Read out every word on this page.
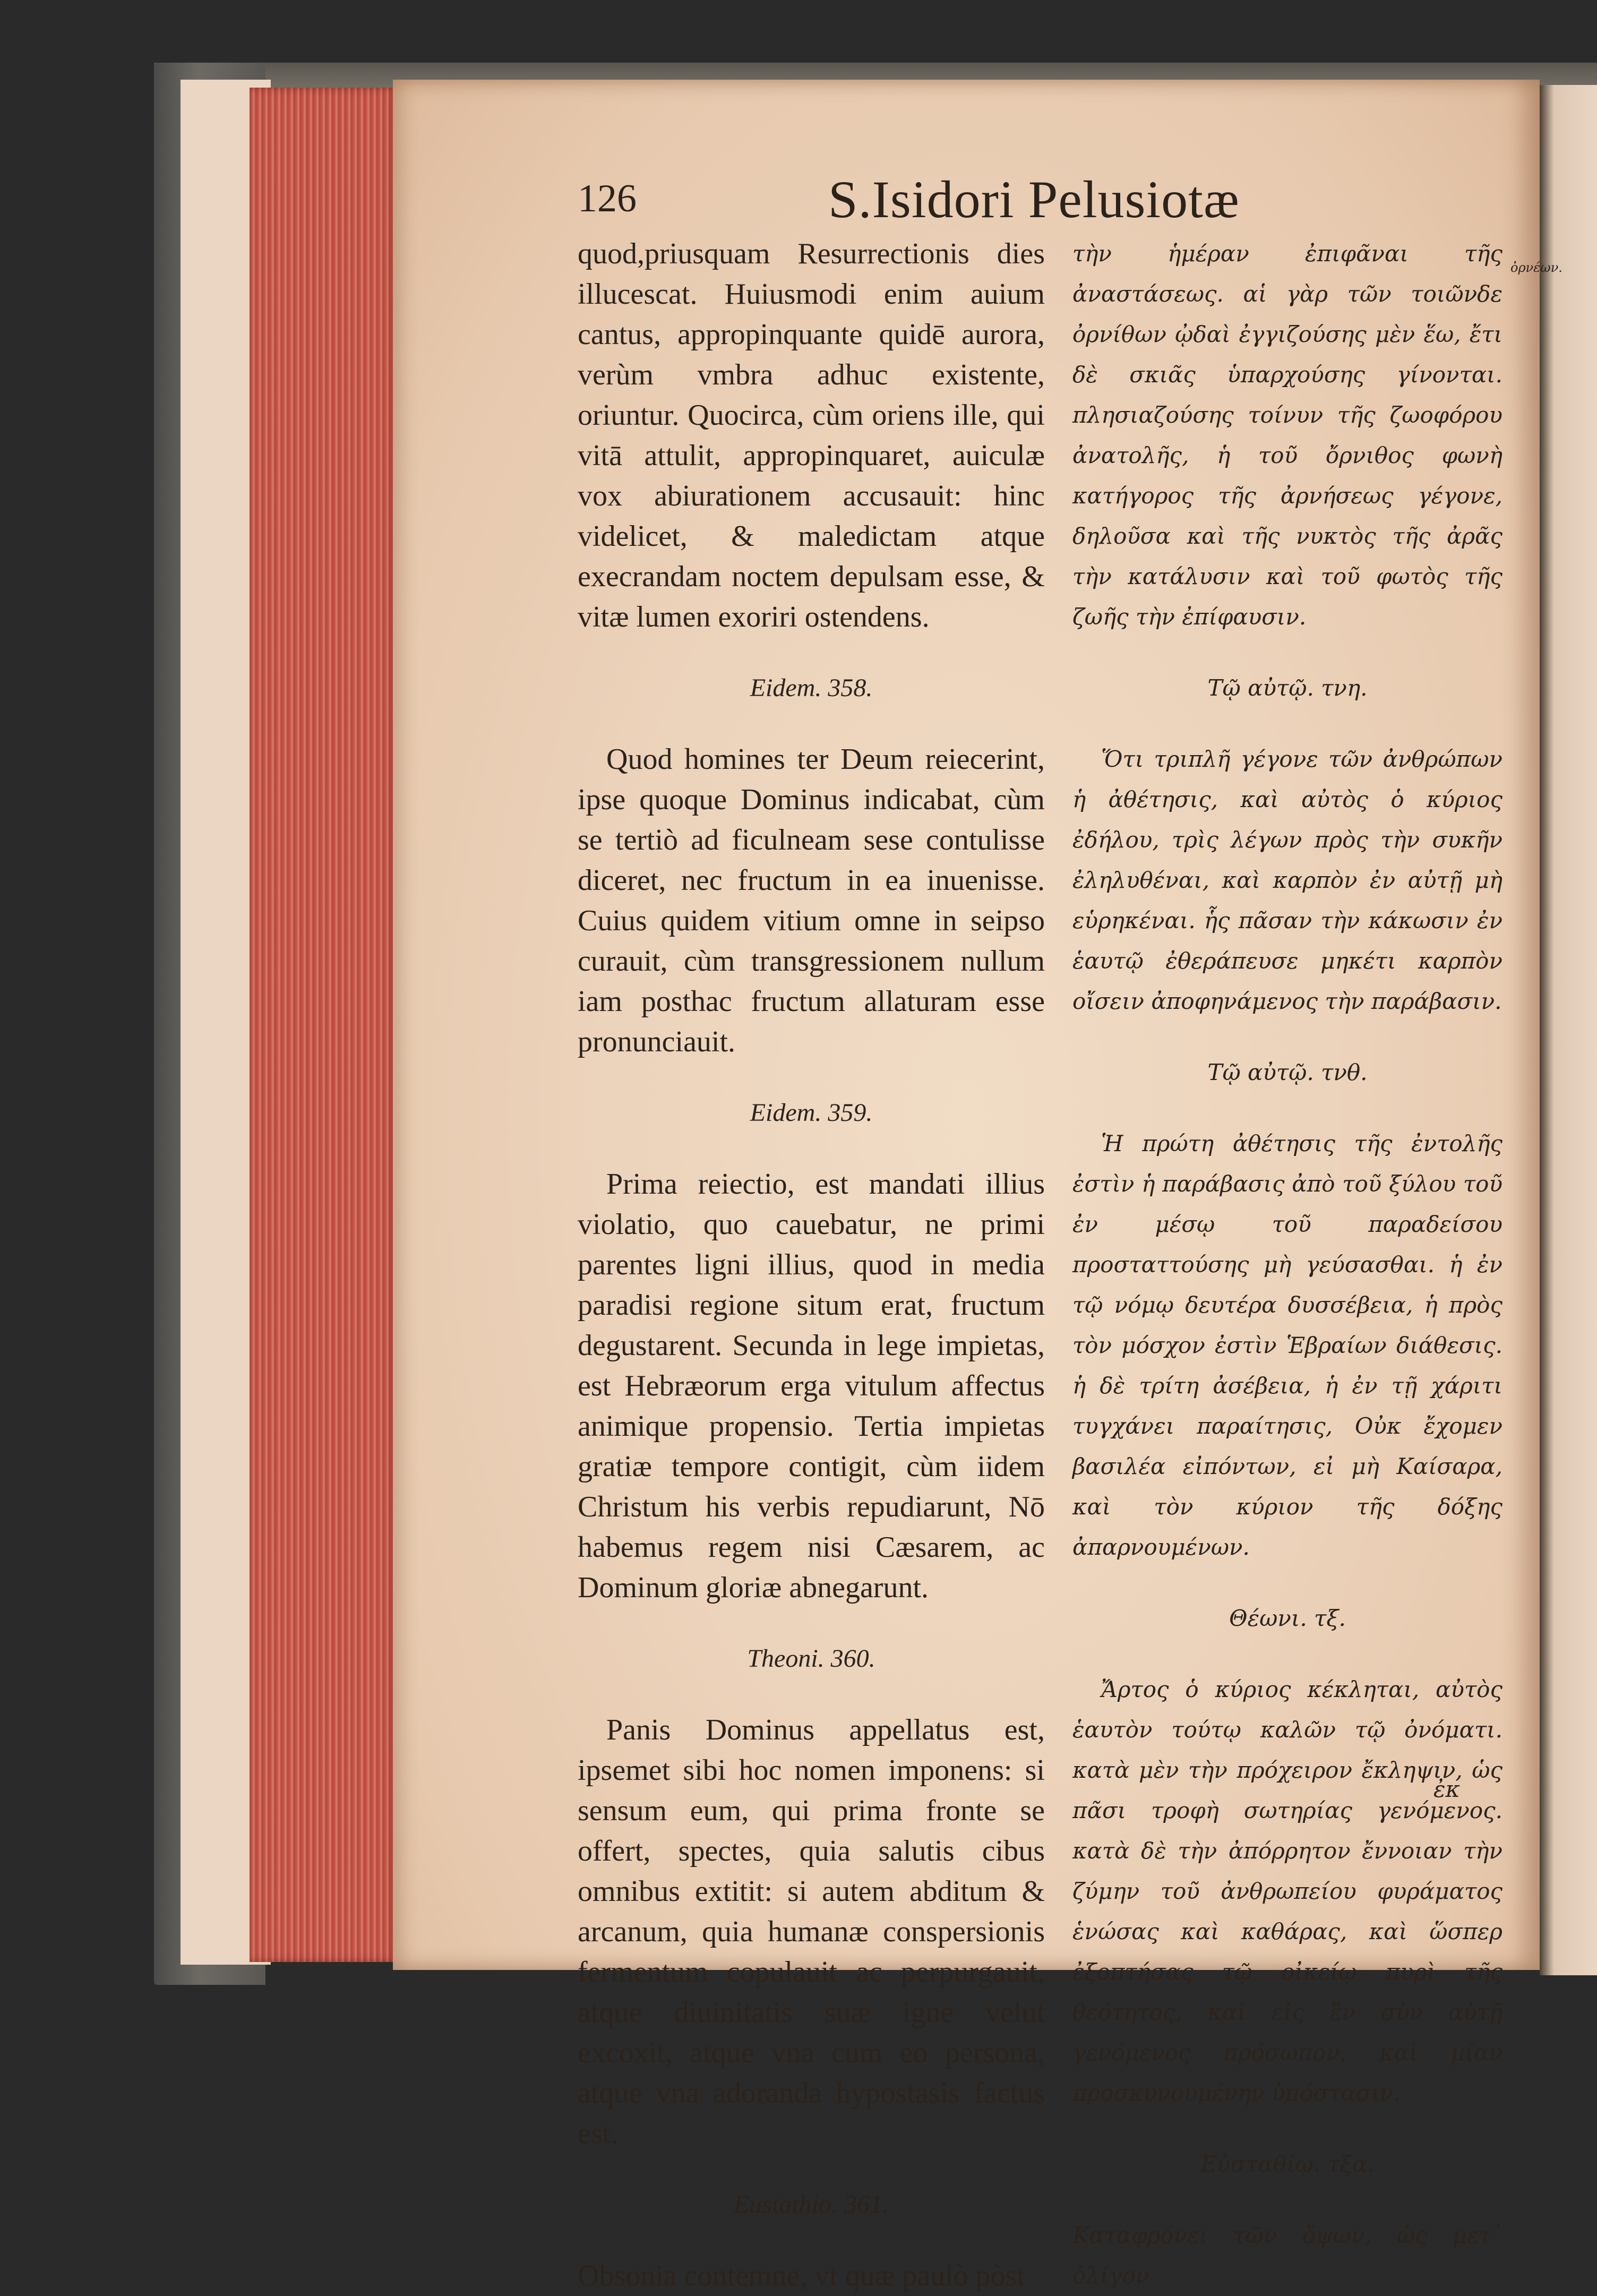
126	S.Isidori Pelusiotæ

quod,priusquam Resurrectionis dies illucescat. Huiusmodi enim auium cantus, appropinquante quidē aurora, verùm vmbra adhuc existente, oriuntur. Quocirca, cùm oriens ille, qui vitā attulit, appropinquaret, auiculæ vox abiurationem accusauit: hinc videlicet, & maledictam atque execrandam noctem depulsam esse, & vitæ lumen exoriri ostendens.

Eidem. 358.

Quod homines ter Deum reiecerint, ipse quoque Dominus indicabat, cùm se tertiò ad ficulneam sese contulisse diceret, nec fructum in ea inuenisse. Cuius quidem vitium omne in seipso curauit, cùm transgressionem nullum iam posthac fructum allaturam esse pronunciauit.

Eidem. 359.

Prima reiectio, est mandati illius violatio, quo cauebatur, ne primi parentes ligni illius, quod in media paradisi regione situm erat, fructum degustarent. Secunda in lege impietas, est Hebræorum erga vitulum affectus animique propensio. Tertia impietas gratiæ tempore contigit, cùm iidem Christum his verbis repudiarunt, Nō habemus regem nisi Cæsarem, ac Dominum gloriæ abnegarunt.

Theoni. 360.

Panis Dominus appellatus est, ipsemet sibi hoc nomen imponens: si sensum eum, qui prima fronte se offert, spectes, quia salutis cibus omnibus extitit: si autem abditum & arcanum, quia humanæ conspersionis fermentum copulauit ac perpurgauit, atque diuinitatis suæ igne velut excoxit, atque vna cum eo persona, atque vna adoranda hypostasis factus est.

Eustathio. 361.

Obsonia contemne, vt quæ paulò pòst

τὴν ἡμέραν ἐπιφᾶναι τῆς ἀναστάσεως. αἱ γὰρ τῶν τοιῶνδε ὀρνίθων ᾠδαὶ ἐγγιζούσης μὲν ἕω, ἔτι δὲ σκιᾶς ὑπαρχούσης γίνονται. πλησιαζούσης τοίνυν τῆς ζωοφόρου ἀνατολῆς, ἡ τοῦ ὄρνιθος φωνὴ κατήγορος τῆς ἀρνήσεως γέγονε, δηλοῦσα καὶ τῆς νυκτὸς τῆς ἀρᾶς τὴν κατάλυσιν καὶ τοῦ φωτὸς τῆς ζωῆς τὴν ἐπίφαυσιν.

Τῷ αὐτῷ. τνη.

Ὅτι τριπλῆ γέγονε τῶν ἀνθρώπων ἡ ἀθέτησις, καὶ αὐτὸς ὁ κύριος ἐδήλου, τρὶς λέγων πρὸς τὴν συκῆν ἐληλυθέναι, καὶ καρπὸν ἐν αὐτῇ μὴ εὑρηκέναι. ἧς πᾶσαν τὴν κάκωσιν ἐν ἑαυτῷ ἐθεράπευσε μηκέτι καρπὸν οἴσειν ἀποφηνάμενος τὴν παράβασιν.

Τῷ αὐτῷ. τνθ.

Ἡ πρώτη ἀθέτησις τῆς ἐντολῆς ἐστὶν ἡ παράβασις ἀπὸ τοῦ ξύλου τοῦ ἐν μέσῳ τοῦ παραδείσου προσταττούσης μὴ γεύσασθαι. ἡ ἐν τῷ νόμῳ δευτέρα δυσσέβεια, ἡ πρὸς τὸν μόσχον ἐστὶν Ἑβραίων διάθεσις. ἡ δὲ τρίτη ἀσέβεια, ἡ ἐν τῇ χάριτι τυγχάνει παραίτησις, Οὐκ ἔχομεν βασιλέα εἰπόντων, εἰ μὴ Καίσαρα, καὶ τὸν κύριον τῆς δόξης ἀπαρνουμένων.

Θέωνι. τξ.

Ἄρτος ὁ κύριος κέκληται, αὐτὸς ἑαυτὸν τούτῳ καλῶν τῷ ὀνόματι. κατὰ μὲν τὴν πρόχειρον ἔκληψιν, ὡς πᾶσι τροφὴ σωτηρίας γενόμενος. κατὰ δὲ τὴν ἀπόρρητον ἔννοιαν τὴν ζύμην τοῦ ἀνθρωπείου φυράματος ἑνώσας καὶ καθάρας, καὶ ὥσπερ ἐξοπτήσας τῷ οἰκείῳ πυρὶ τῆς θεότητος, καὶ εἰς ἓν σὺν αὐτῇ γενόμενος πρόσωπον, καὶ μίαν προσκυνουμένην ὑπόστασιν.

Εὐσταθίῳ. τξα.

Καταφρόνει τῶν ὄψων, ὡς μετ᾽ ὀλίγον

ὀρνέων.
ἐκ
